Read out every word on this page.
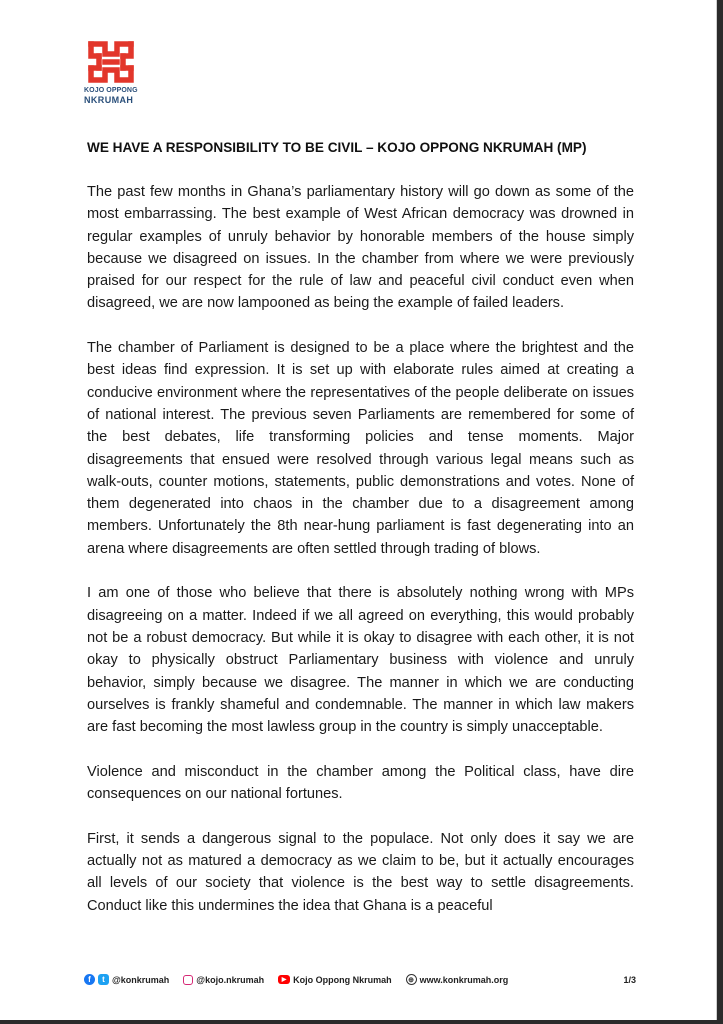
KOJO OPPONG
NKRUMAH
WE HAVE A RESPONSIBILITY TO BE CIVIL – KOJO OPPONG NKRUMAH (MP)

The past few months in Ghana’s parliamentary history will go down as some of the most embarrassing. The best example of West African democracy was drowned in regular examples of unruly behavior by honorable members of the house simply because we disagreed on issues. In the chamber from where we were previously praised for our respect for the rule of law and peaceful civil conduct even when disagreed, we are now lampooned as being the example of failed leaders.

The chamber of Parliament is designed to be a place where the brightest and the best ideas find expression. It is set up with elaborate rules aimed at creating a conducive environment where the representatives of the people deliberate on issues of national interest. The previous seven Parliaments are remembered for some of the best debates, life transforming policies and tense moments. Major disagreements that ensued were resolved through various legal means such as walk-outs, counter motions, statements, public demonstrations and votes. None of them degenerated into chaos in the chamber due to a disagreement among members. Unfortunately the 8th near-hung parliament is fast degenerating into an arena where disagreements are often settled through trading of blows.

I am one of those who believe that there is absolutely nothing wrong with MPs disagreeing on a matter. Indeed if we all agreed on everything, this would probably not be a robust democracy. But while it is okay to disagree with each other, it is not okay to physically obstruct Parliamentary business with violence and unruly behavior, simply because we disagree. The manner in which we are conducting ourselves is frankly shameful and condemnable. The manner in which law makers are fast becoming the most lawless group in the country is simply unacceptable.

Violence and misconduct in the chamber among the Political class, have dire consequences on our national fortunes.

First, it sends a dangerous signal to the populace. Not only does it say we are actually not as matured a democracy as we claim to be, but it actually encourages all levels of our society that violence is the best way to settle disagreements. Conduct like this undermines the idea that Ghana is a peaceful

f	t @konkrumah	@kojo.nkrumah	▶ Kojo Oppong Nkrumah	⊕ www.konkrumah.org	1/3
